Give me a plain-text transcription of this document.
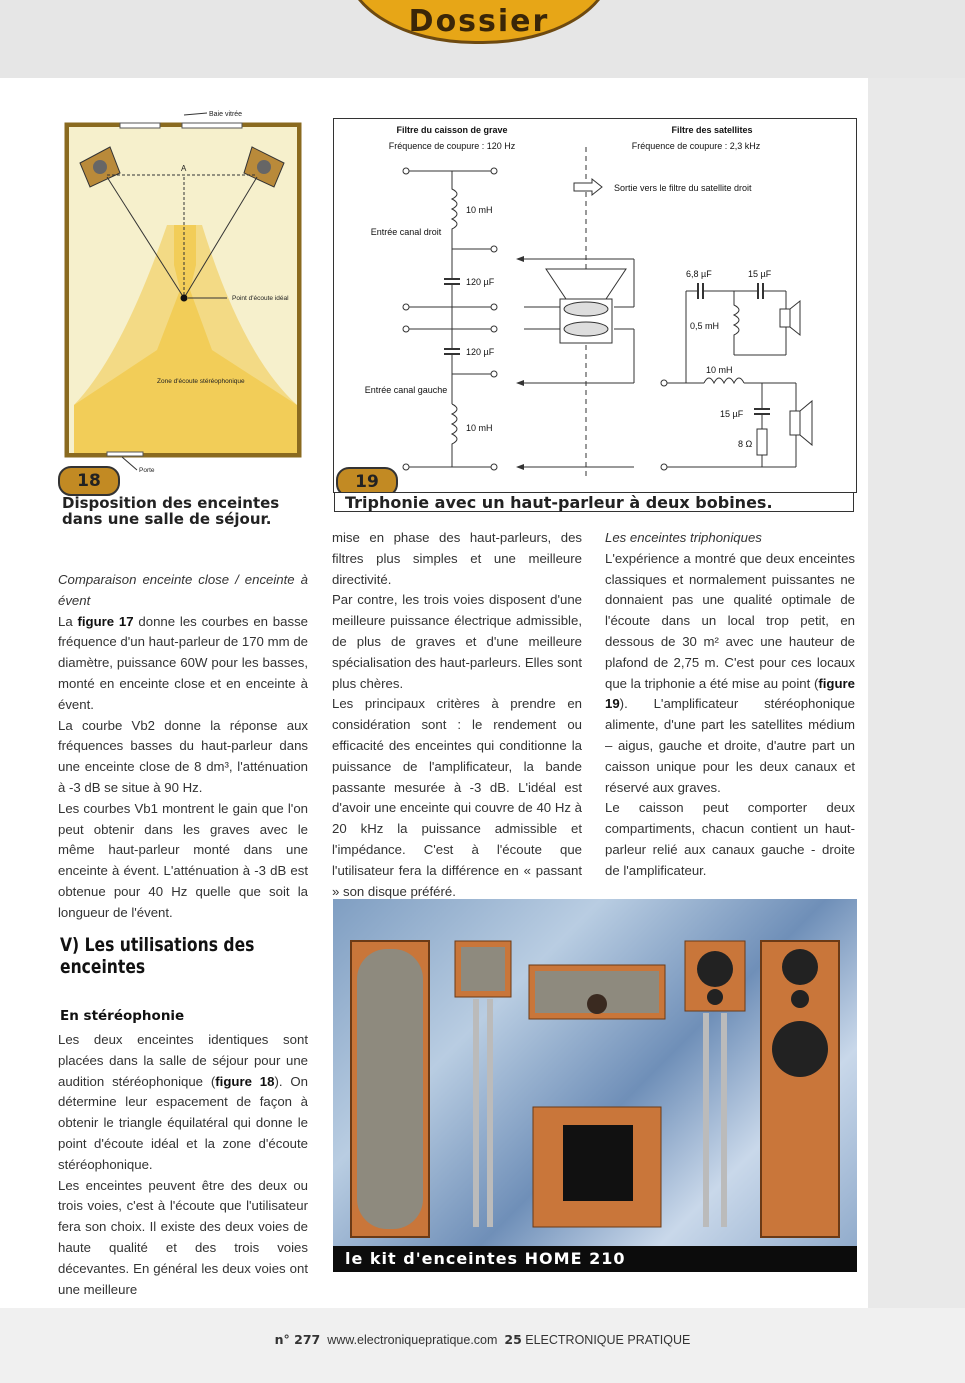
Dossier
Baie vitrée
A
Point d'écoute idéal
Zone d'écoute stéréophonique
Porte
18
Disposition des enceintes dans une salle de séjour.
Filtre du caisson de grave
Fréquence de coupure : 120 Hz
Filtre des satellites
Fréquence de coupure : 2,3 kHz
Sortie vers le filtre du satellite droit
10 mH
Entrée canal droit
120 µF
120 µF
Entrée canal gauche
10 mH
6,8 µF	15 µF
0,5 mH
10 mH
15 µF
8 Ω
19
Triphonie avec un haut-parleur à deux bobines.

Comparaison enceinte close / enceinte à évent

La figure 17 donne les courbes en basse fréquence d'un haut-parleur de 170 mm de diamètre, puissance 60W pour les basses, monté en enceinte close et en enceinte à évent.

La courbe Vb2 donne la réponse aux fréquences basses du haut-parleur dans une enceinte close de 8 dm³, l'atténuation à -3 dB se situe à 90 Hz.

Les courbes Vb1 montrent le gain que l'on peut obtenir dans les graves avec le même haut-parleur monté dans une enceinte à évent. L'atténuation à -3 dB est obtenue pour 40 Hz quelle que soit la longueur de l'évent.

V) Les utilisations des enceintes
En stéréophonie

Les deux enceintes identiques sont placées dans la salle de séjour pour une audition stéréophonique (figure 18). On détermine leur espacement de façon à obtenir le triangle équilatéral qui donne le point d'écoute idéal et la zone d'écoute stéréophonique.

Les enceintes peuvent être des deux ou trois voies, c'est à l'écoute que l'utilisateur fera son choix. Il existe des deux voies de haute qualité et des trois voies décevantes. En général les deux voies ont une meilleure

mise en phase des haut-parleurs, des filtres plus simples et une meilleure directivité.

Par contre, les trois voies disposent d'une meilleure puissance électrique admissible, de plus de graves et d'une meilleure spécialisation des haut-parleurs. Elles sont plus chères.

Les principaux critères à prendre en considération sont : le rendement ou efficacité des enceintes qui conditionne la puissance de l'amplificateur, la bande passante mesurée à -3 dB. L'idéal est d'avoir une enceinte qui couvre de 40 Hz à 20 kHz la puissance admissible et l'impédance. C'est à l'écoute que l'utilisateur fera la différence en « passant » son disque préféré.

Les enceintes triphoniques

L'expérience a montré que deux enceintes classiques et normalement puissantes ne donnaient pas une qualité optimale de l'écoute dans un local trop petit, en dessous de 30 m² avec une hauteur de plafond de 2,75 m. C'est pour ces locaux que la triphonie a été mise au point (figure 19). L'amplificateur stéréophonique alimente, d'une part les satellites médium – aigus, gauche et droite, d'autre part un caisson unique pour les deux canaux et réservé aux graves.

Le caisson peut comporter deux compartiments, chacun contient un haut-parleur relié aux canaux gauche - droite de l'amplificateur.

le kit d'enceintes HOME 210
n° 277 www.electroniquepratique.com 25 ELECTRONIQUE PRATIQUE
